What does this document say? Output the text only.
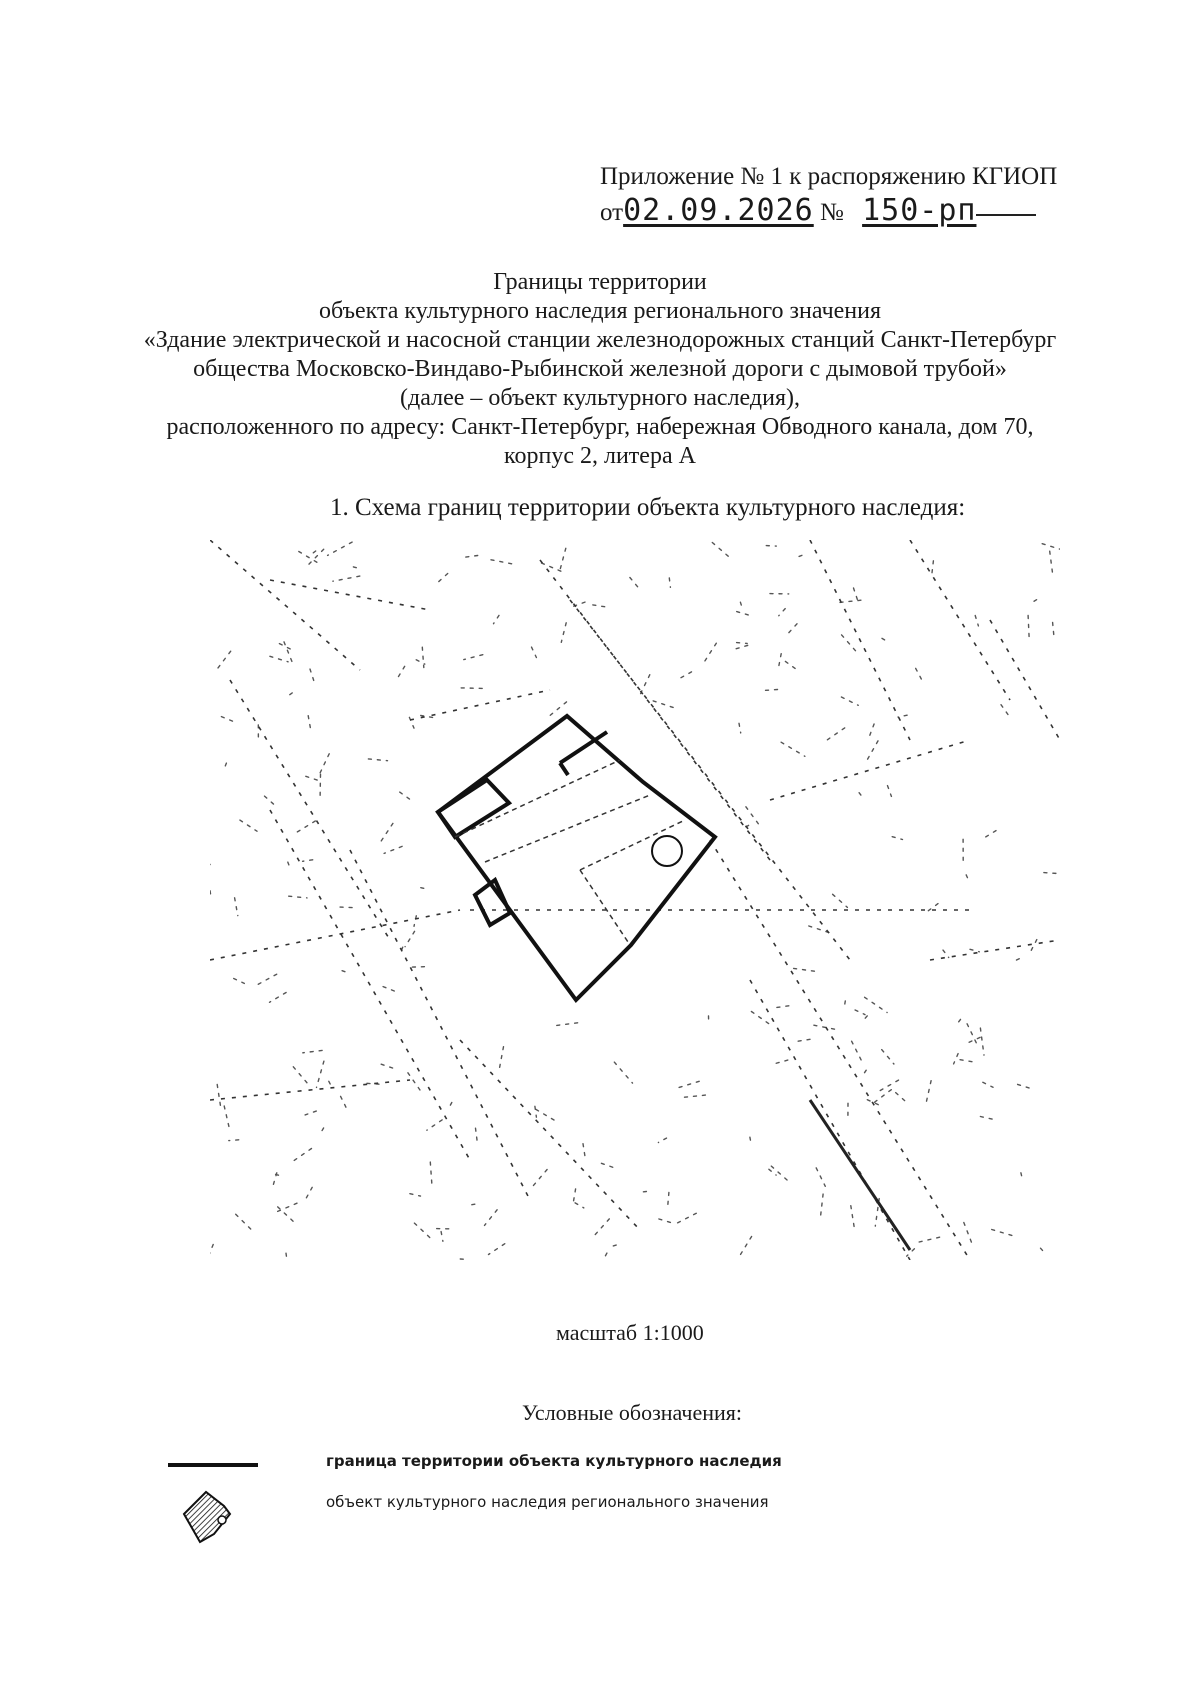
Приложение № 1 к распоряжению КГИОП
от02.09.2026 № 150-рп
Границы территории
объекта культурного наследия регионального значения
«Здание электрической и насосной станции железнодорожных станций Санкт-Петербург
общества Московско-Виндаво-Рыбинской железной дороги с дымовой трубой»
(далее – объект культурного наследия),
расположенного по адресу: Санкт-Петербург, набережная Обводного канала, дом 70,
корпус 2, литера А
1. Схема границ территории объекта культурного наследия:
масштаб 1:1000
Условные обозначения:
граница территории объекта культурного наследия
объект культурного наследия регионального значения
